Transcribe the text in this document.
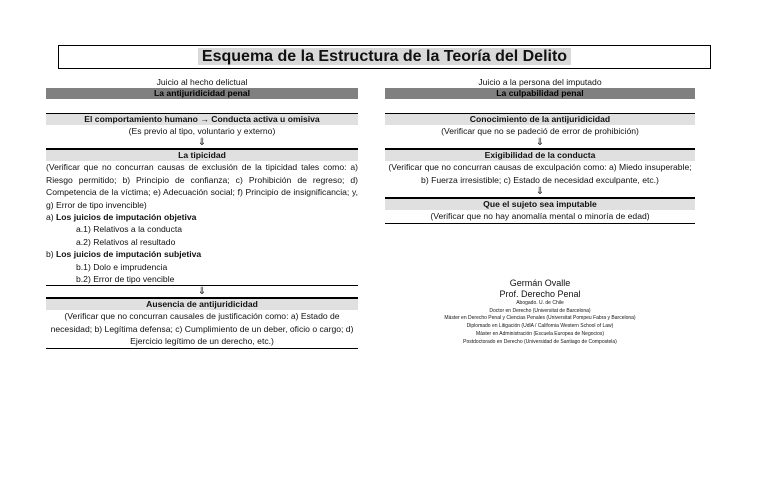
Esquema de la Estructura de la Teoría del Delito
Juicio al hecho delictual
La antijuridicidad penal
El comportamiento humano → Conducta activa u omisiva
(Es previo al tipo, voluntario y externo)
⇓
La tipicidad
(Verificar que no concurran causas de exclusión de la tipicidad tales como: a) Riesgo permitido; b) Principio de confianza; c) Prohibición de regreso; d) Competencia de la víctima; e) Adecuación social; f) Principio de insignificancia; y, g) Error de tipo invencible)
a) Los juicios de imputación objetiva
a.1) Relativos a la conducta
a.2) Relativos al resultado
b) Los juicios de imputación subjetiva
b.1) Dolo e imprudencia
b.2) Error de tipo vencible
⇓
Ausencia de antijuridicidad
(Verificar que no concurran causales de justificación como: a) Estado de necesidad; b) Legítima defensa; c) Cumplimiento de un deber, oficio o cargo; d) Ejercicio legítimo de un derecho, etc.)
Juicio a la persona del imputado
La culpabilidad penal
Conocimiento de la antijuridicidad
(Verificar que no se padeció de error de prohibición)
⇓
Exigibilidad de la conducta
(Verificar que no concurran causas de exculpación como: a) Miedo insuperable; b) Fuerza irresistible; c) Estado de necesidad exculpante, etc.)
⇓
Que el sujeto sea imputable
(Verificar que no hay anomalía mental o minoría de edad)
Germán Ovalle
Prof. Derecho Penal
Abogado. U. de Chile
Doctor en Derecho (Universitat de Barcelona)
Máster en Derecho Penal y Ciencias Penales (Universitat Pompeu Fabra y Barcelona)
Diplomado en Litigación (UdlA / California Western School of Law)
Máster en Administración (Escuela Europea de Negocios)
Postdoctorado en Derecho (Universidad de Santiago de Compostela)
